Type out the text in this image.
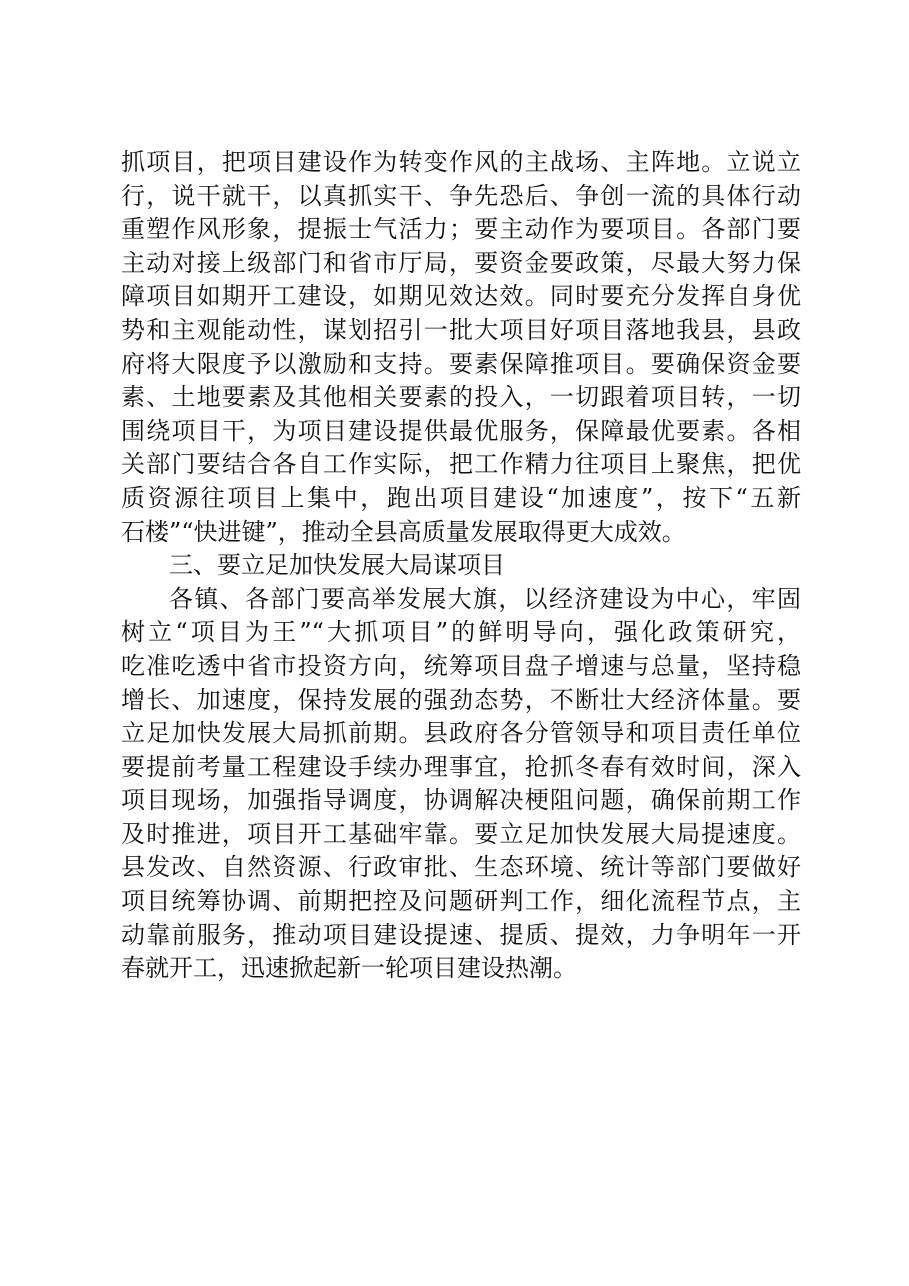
抓项目，把项目建设作为转变作风的主战场、主阵地。立说立
行，说干就干，以真抓实干、争先恐后、争创一流的具体行动
重塑作风形象，提振士气活力；要主动作为要项目。各部门要
主动对接上级部门和省市厅局，要资金要政策，尽最大努力保
障项目如期开工建设，如期见效达效。同时要充分发挥自身优
势和主观能动性，谋划招引一批大项目好项目落地我县，县政
府将大限度予以激励和支持。要素保障推项目。要确保资金要
素、土地要素及其他相关要素的投入，一切跟着项目转，一切
围绕项目干，为项目建设提供最优服务，保障最优要素。各相
关部门要结合各自工作实际，把工作精力往项目上聚焦，把优
质资源往项目上集中，跑出项目建设“加速度”，按下“五新
石楼”“快进键”，推动全县高质量发展取得更大成效。
三、要立足加快发展大局谋项目
各镇、各部门要高举发展大旗，以经济建设为中心，牢固
树立“项目为王”“大抓项目”的鲜明导向，强化政策研究，
吃准吃透中省市投资方向，统筹项目盘子增速与总量，坚持稳
增长、加速度，保持发展的强劲态势，不断壮大经济体量。要
立足加快发展大局抓前期。县政府各分管领导和项目责任单位
要提前考量工程建设手续办理事宜，抢抓冬春有效时间，深入
项目现场，加强指导调度，协调解决梗阻问题，确保前期工作
及时推进，项目开工基础牢靠。要立足加快发展大局提速度。
县发改、自然资源、行政审批、生态环境、统计等部门要做好
项目统筹协调、前期把控及问题研判工作，细化流程节点，主
动靠前服务，推动项目建设提速、提质、提效，力争明年一开
春就开工，迅速掀起新一轮项目建设热潮。
